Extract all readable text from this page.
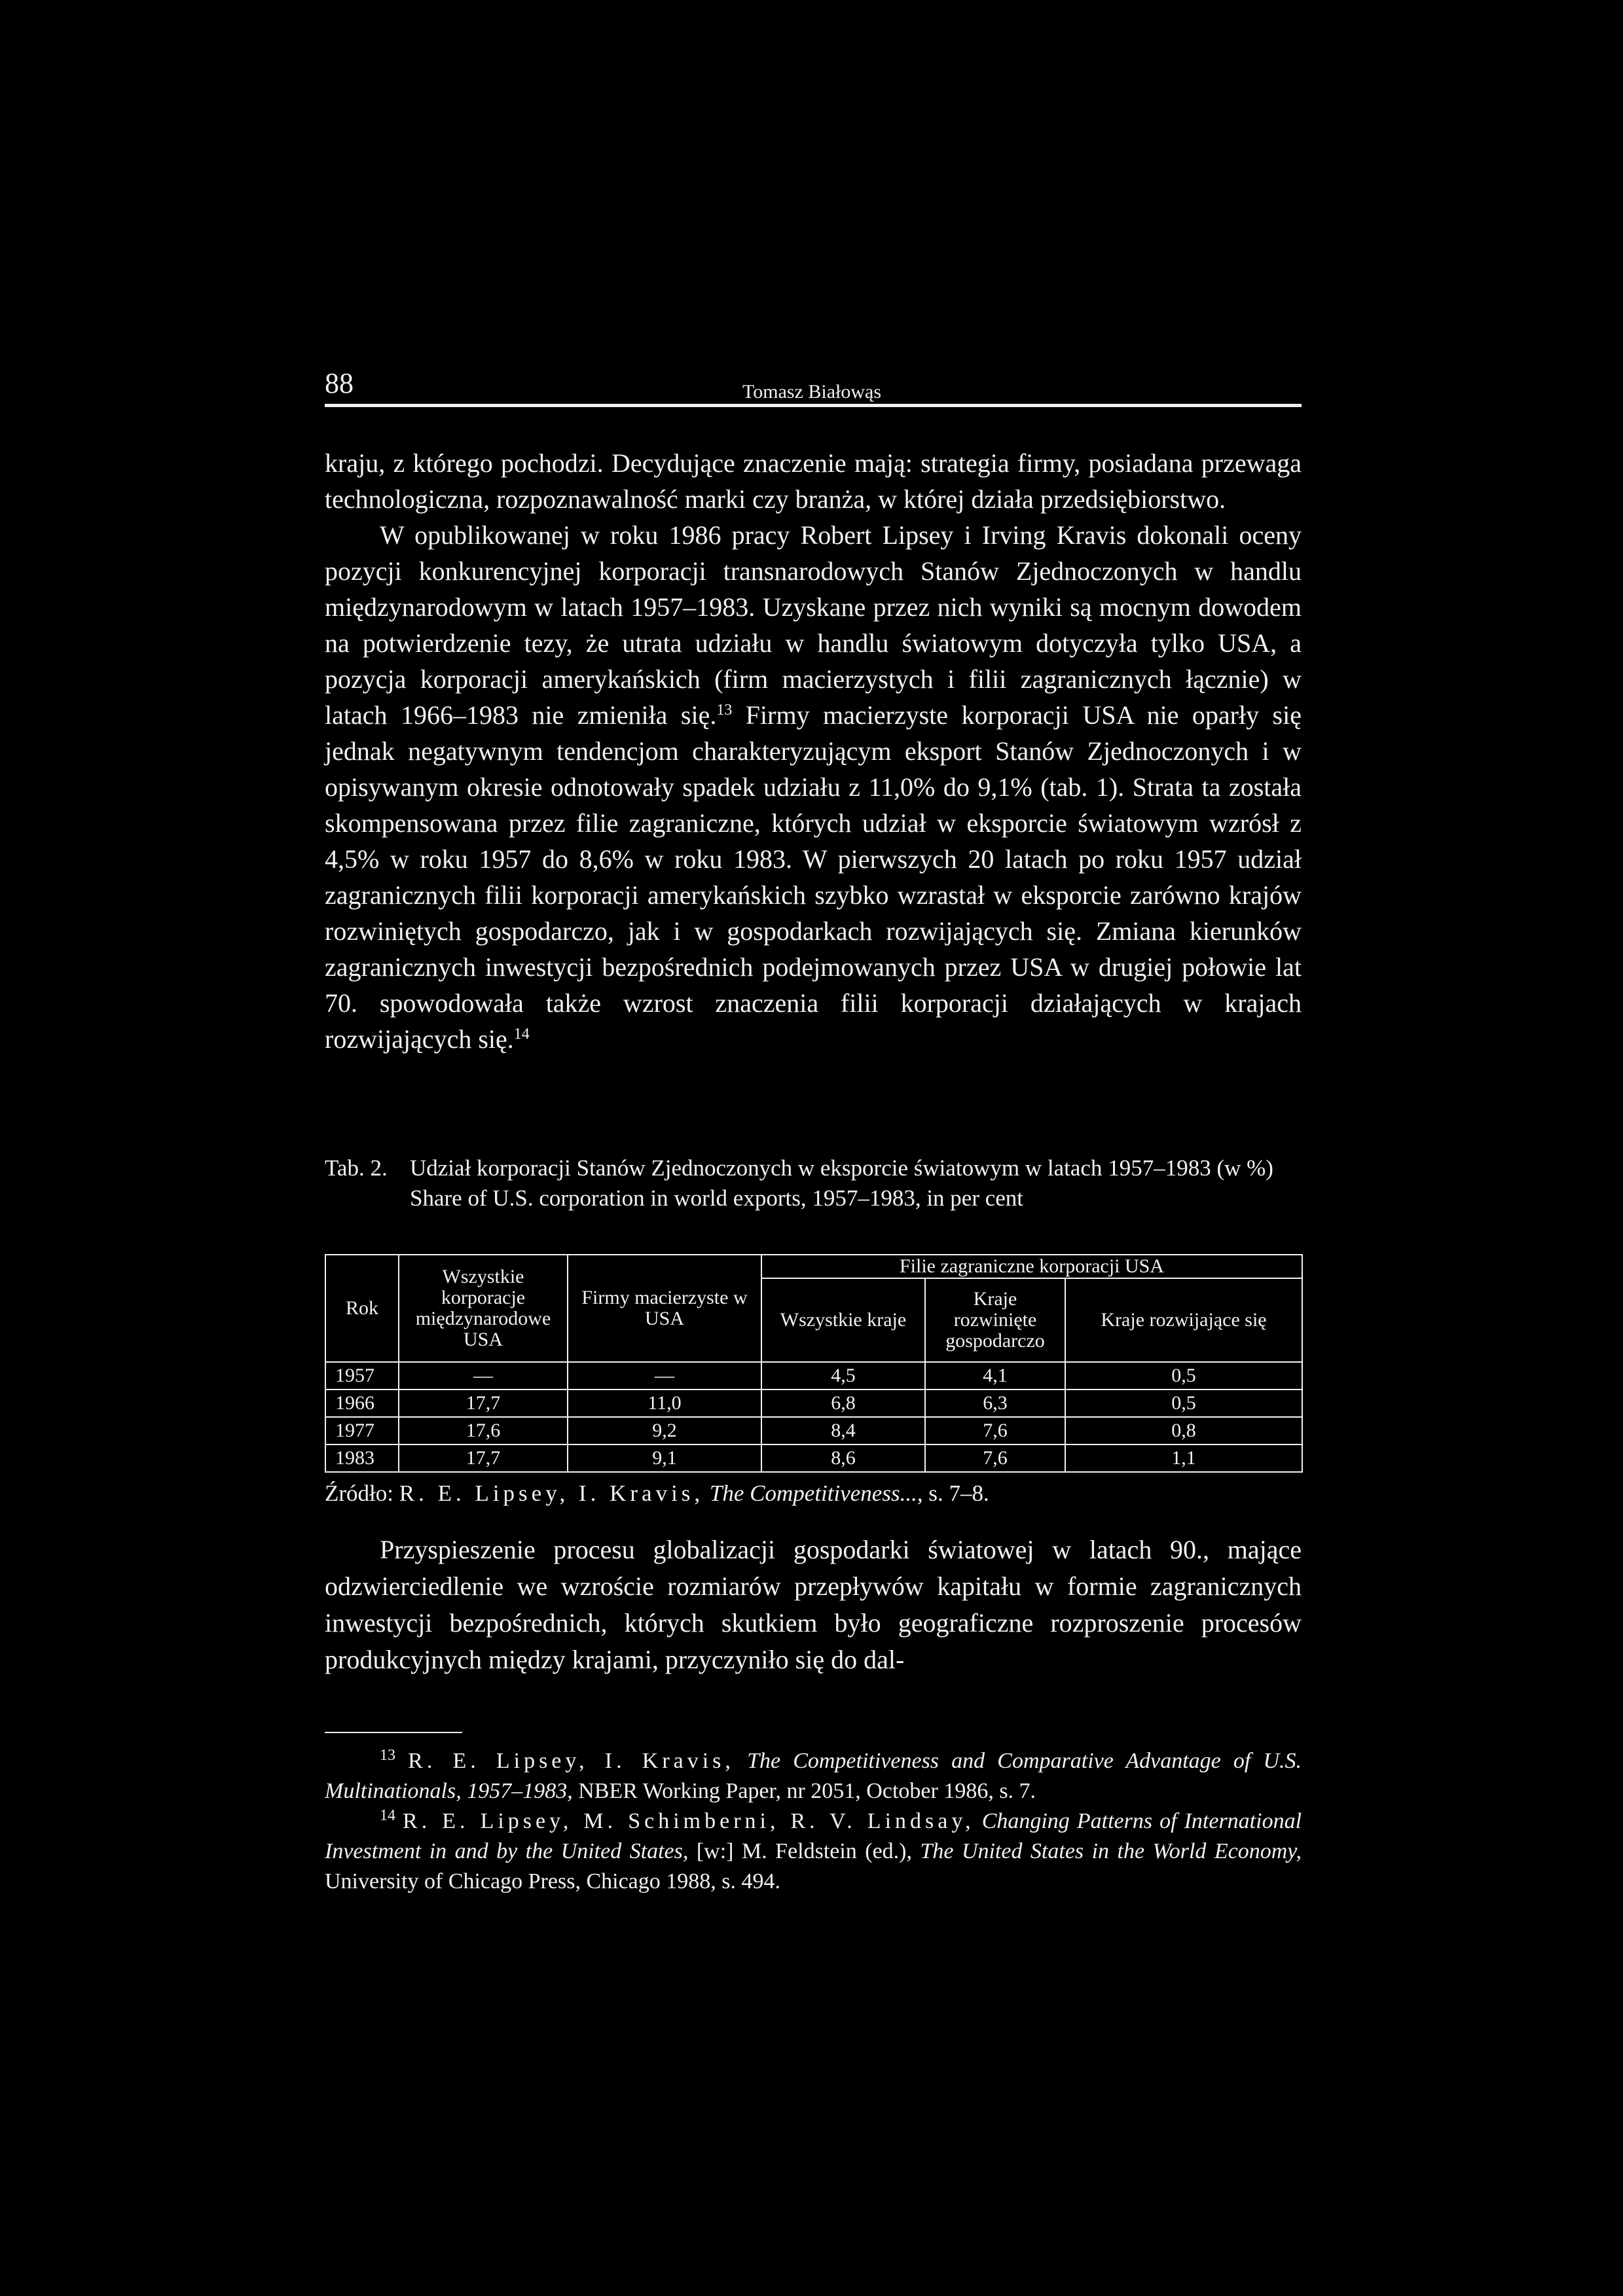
88	Tomasz Białowąs

kraju, z którego pochodzi. Decydujące znaczenie mają: strategia firmy, posiadana przewaga technologiczna, rozpoznawalność marki czy branża, w której działa przedsiębiorstwo.

W opublikowanej w roku 1986 pracy Robert Lipsey i Irving Kravis dokonali oceny pozycji konkurencyjnej korporacji transnarodowych Stanów Zjednoczonych w handlu międzynarodowym w latach 1957–1983. Uzyskane przez nich wyniki są mocnym dowodem na potwierdzenie tezy, że utrata udziału w handlu światowym dotyczyła tylko USA, a pozycja korporacji amerykańskich (firm macierzystych i filii zagranicznych łącznie) w latach 1966–1983 nie zmieniła się.$^{13}$ Firmy macierzyste korporacji USA nie oparły się jednak negatywnym tendencjom charakteryzującym eksport Stanów Zjednoczonych i w opisywanym okresie odnotowały spadek udziału z 11,0% do 9,1% (tab. 1). Strata ta została skompensowana przez filie zagraniczne, których udział w eksporcie światowym wzrósł z 4,5% w roku 1957 do 8,6% w roku 1983. W pierwszych 20 latach po roku 1957 udział zagranicznych filii korporacji amerykańskich szybko wzrastał w eksporcie zarówno krajów rozwiniętych gospodarczo, jak i w gospodarkach rozwijających się. Zmiana kierunków zagranicznych inwestycji bezpośrednich podejmowanych przez USA w drugiej połowie lat 70. spowodowała także wzrost znaczenia filii korporacji działających w krajach rozwijających się.$^{14}$

Tab. 2. Udział korporacji Stanów Zjednoczonych w eksporcie światowym w latach 1957–1983 (w %)
Share of U.S. corporation in world exports, 1957–1983, in per cent
Rok	Wszystkie korporacje międzynarodowe USA	Firmy macierzyste w USA	Filie zagraniczne korporacji USA		
			Wszystkie kraje	Kraje rozwinięte gospodarczo	Kraje rozwijające się
1957	—	—	4,5	4,1	0,5
1966	17,7	11,0	6,8	6,3	0,5
1977	17,6	9,2	8,4	7,6	0,8
1983	17,7	9,1	8,6	7,6	1,1
Źródło: R. E. Lipsey, I. Kravis, The Competitiveness..., s. 7–8.

Przyspieszenie procesu globalizacji gospodarki światowej w latach 90., mające odzwierciedlenie we wzroście rozmiarów przepływów kapitału w formie zagranicznych inwestycji bezpośrednich, których skutkiem było geograficzne rozproszenie procesów produkcyjnych między krajami, przyczyniło się do dal-

$^{13}$ R. E. Lipsey, I. Kravis, The Competitiveness and Comparative Advantage of U.S. Multinationals, 1957–1983, NBER Working Paper, nr 2051, October 1986, s. 7.

$^{14}$ R. E. Lipsey, M. Schimberni, R. V. Lindsay, Changing Patterns of International Investment in and by the United States, [w:] M. Feldstein (ed.), The United States in the World Economy, University of Chicago Press, Chicago 1988, s. 494.
